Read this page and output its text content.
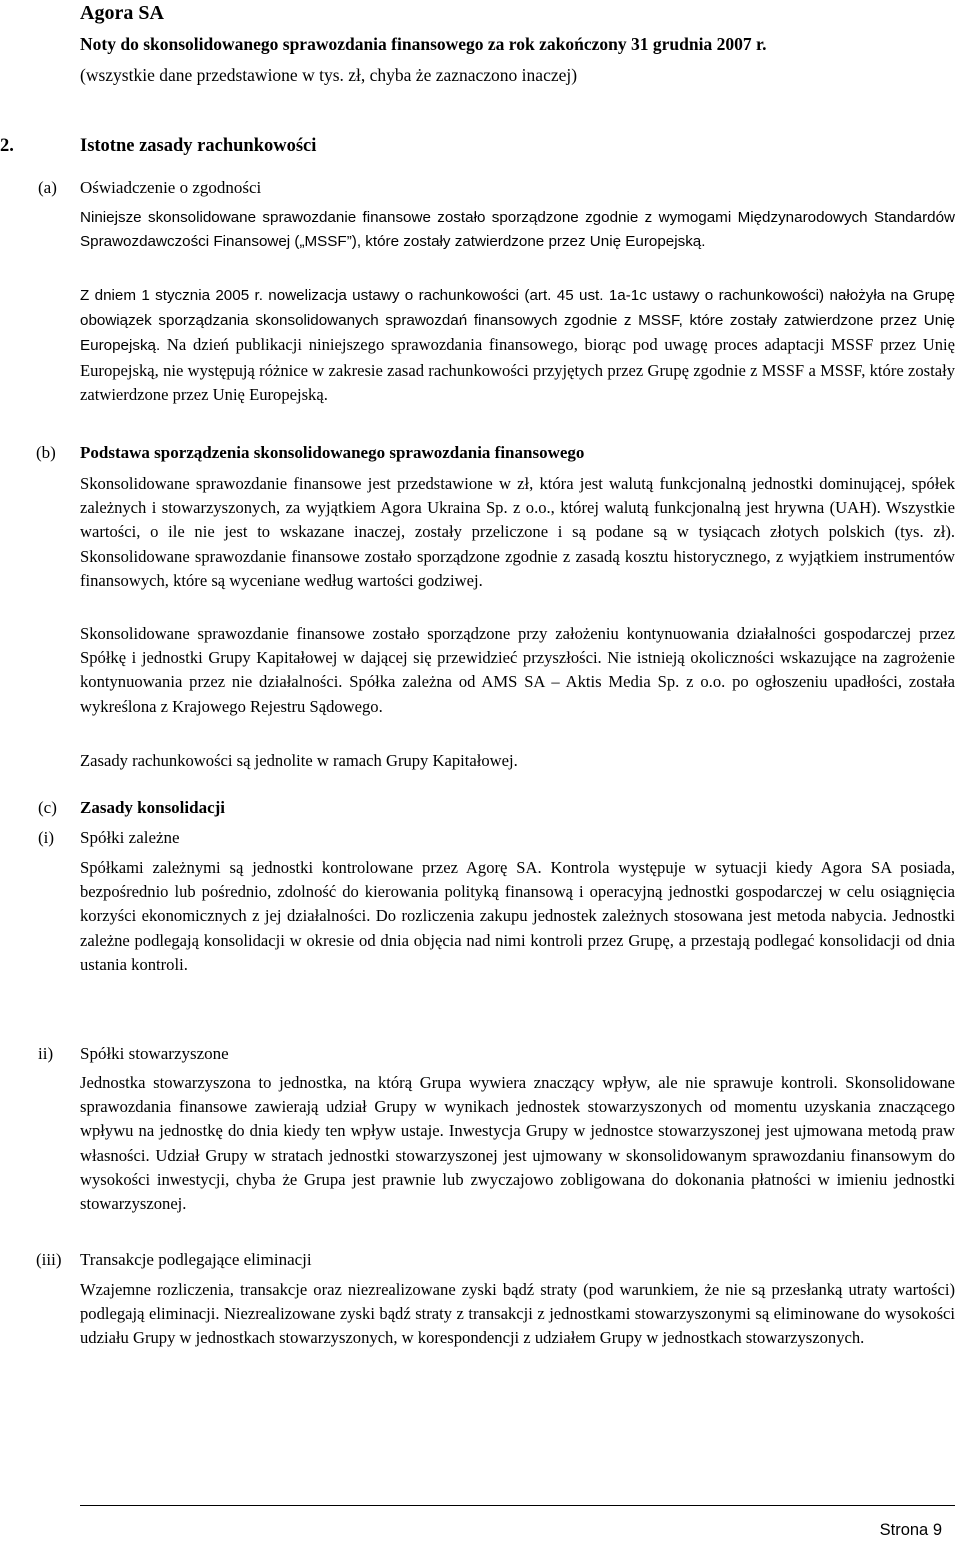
Agora SA
Noty do skonsolidowanego sprawozdania finansowego za rok zakończony 31 grudnia 2007 r.
(wszystkie dane przedstawione w tys. zł, chyba że zaznaczono inaczej)
2.	Istotne zasady rachunkowości
(a)	Oświadczenie o zgodności

Niniejsze skonsolidowane sprawozdanie finansowe zostało sporządzone zgodnie z wymogami Międzynarodowych Standardów Sprawozdawczości Finansowej („MSSF”), które zostały zatwierdzone przez Unię Europejską.

Z dniem 1 stycznia 2005 r. nowelizacja ustawy o rachunkowości (art. 45 ust. 1a-1c ustawy o rachunkowości) nałożyła na Grupę obowiązek sporządzania skonsolidowanych sprawozdań finansowych zgodnie z MSSF, które zostały zatwierdzone przez Unię Europejską. Na dzień publikacji niniejszego sprawozdania finansowego, biorąc pod uwagę proces adaptacji MSSF przez Unię Europejską, nie występują różnice w zakresie zasad rachunkowości przyjętych przez Grupę zgodnie z MSSF a MSSF, które zostały zatwierdzone przez Unię Europejską.

(b)	Podstawa sporządzenia skonsolidowanego sprawozdania finansowego

Skonsolidowane sprawozdanie finansowe jest przedstawione w zł, która jest walutą funkcjonalną jednostki dominującej, spółek zależnych i stowarzyszonych, za wyjątkiem Agora Ukraina Sp. z o.o., której walutą funkcjonalną jest hrywna (UAH). Wszystkie wartości, o ile nie jest to wskazane inaczej, zostały przeliczone i są podane są w tysiącach złotych polskich (tys. zł). Skonsolidowane sprawozdanie finansowe zostało sporządzone zgodnie z zasadą kosztu historycznego, z wyjątkiem instrumentów finansowych, które są wyceniane według wartości godziwej.

Skonsolidowane sprawozdanie finansowe zostało sporządzone przy założeniu kontynuowania działalności gospodarczej przez Spółkę i jednostki Grupy Kapitałowej w dającej się przewidzieć przyszłości. Nie istnieją okoliczności wskazujące na zagrożenie kontynuowania przez nie działalności. Spółka zależna od AMS SA – Aktis Media Sp. z o.o. po ogłoszeniu upadłości, została wykreślona z Krajowego Rejestru Sądowego.

Zasady rachunkowości są jednolite w ramach Grupy Kapitałowej.

(c)	Zasady konsolidacji
(i)	Spółki zależne

Spółkami zależnymi są jednostki kontrolowane przez Agorę SA. Kontrola występuje w sytuacji kiedy Agora SA posiada, bezpośrednio lub pośrednio, zdolność do kierowania polityką finansową i operacyjną jednostki gospodarczej w celu osiągnięcia korzyści ekonomicznych z jej działalności. Do rozliczenia zakupu jednostek zależnych stosowana jest metoda nabycia. Jednostki zależne podlegają konsolidacji w okresie od dnia objęcia nad nimi kontroli przez Grupę, a przestają podlegać konsolidacji od dnia ustania kontroli.

ii)	Spółki stowarzyszone

Jednostka stowarzyszona to jednostka, na którą Grupa wywiera znaczący wpływ, ale nie sprawuje kontroli. Skonsolidowane sprawozdania finansowe zawierają udział Grupy w wynikach jednostek stowarzyszonych od momentu uzyskania znaczącego wpływu na jednostkę do dnia kiedy ten wpływ ustaje. Inwestycja Grupy w jednostce stowarzyszonej jest ujmowana metodą praw własności. Udział Grupy w stratach jednostki stowarzyszonej jest ujmowany w skonsolidowanym sprawozdaniu finansowym do wysokości inwestycji, chyba że Grupa jest prawnie lub zwyczajowo zobligowana do dokonania płatności w imieniu jednostki stowarzyszonej.

(iii)	Transakcje podlegające eliminacji

Wzajemne rozliczenia, transakcje oraz niezrealizowane zyski bądź straty (pod warunkiem, że nie są przesłanką utraty wartości) podlegają eliminacji. Niezrealizowane zyski bądź straty z transakcji z jednostkami stowarzyszonymi są eliminowane do wysokości udziału Grupy w jednostkach stowarzyszonych, w korespondencji z udziałem Grupy w jednostkach stowarzyszonych.

Strona 9
